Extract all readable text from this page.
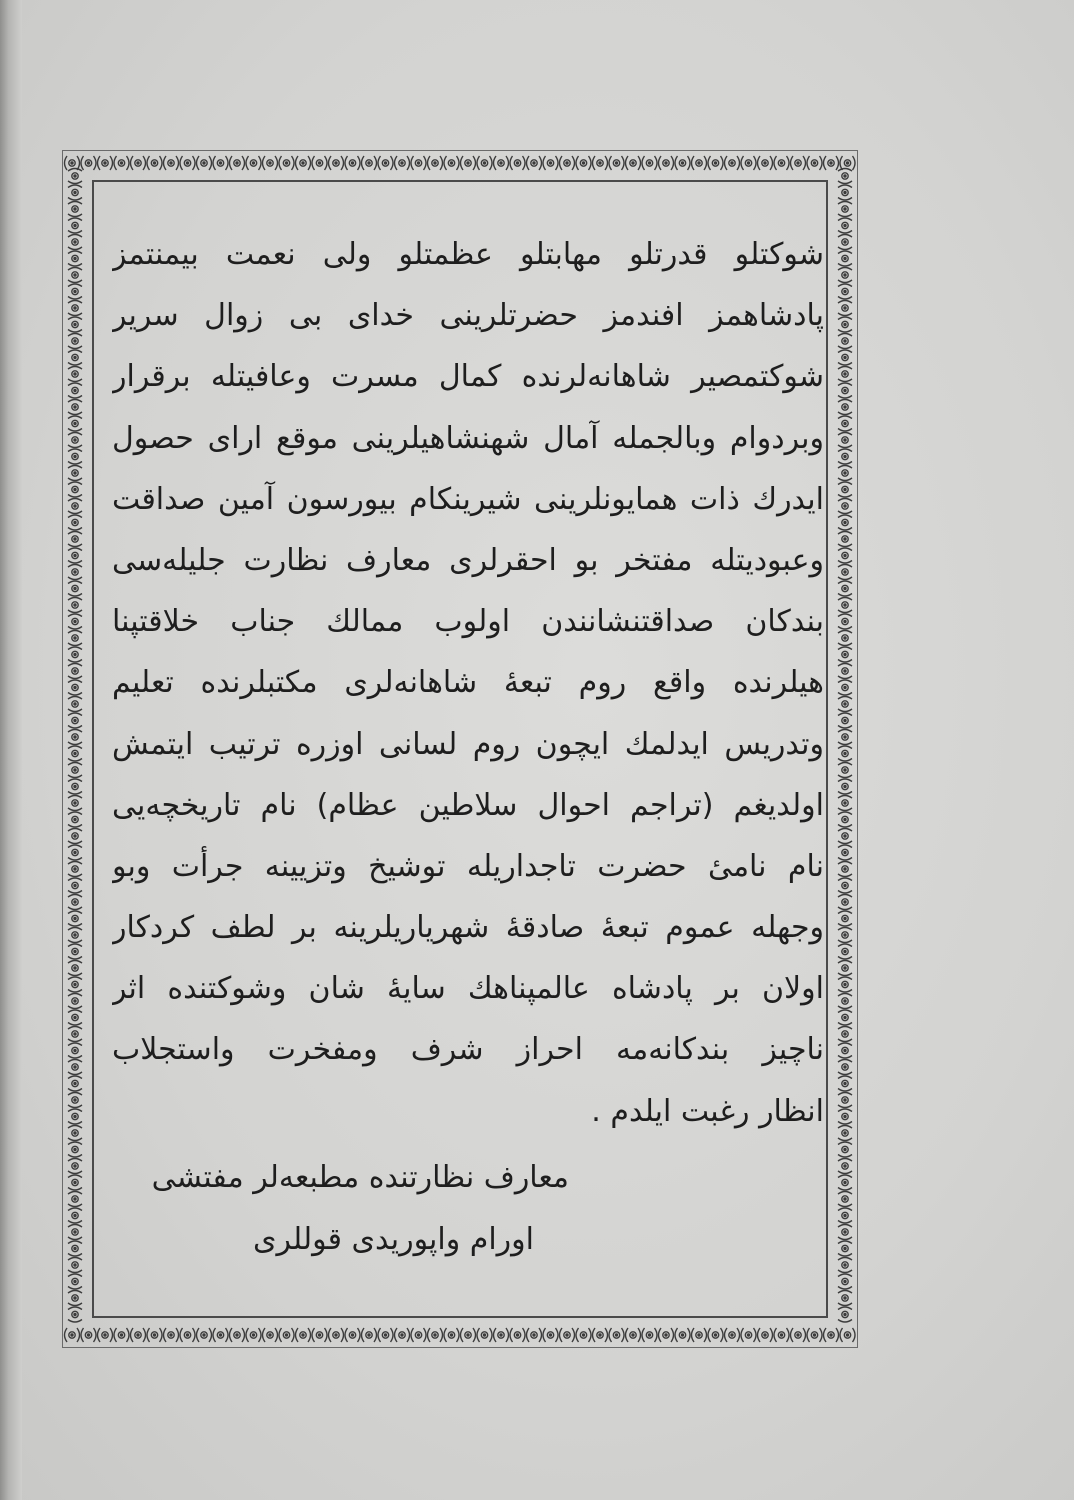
شوكتلو قدرتلو مهابتلو عظمتلو ولی نعمت بیمنتمز
پادشاهمز افندمز حضرتلرینی خدای بی زوال سریر
شوکتمصیر شاهانه‌لرنده کمال مسرت وعافیتله برقرار
وبردوام وبالجمله آمال شهنشاهیلرینی موقع ارای حصول
ایدرك ذات همایونلرینی شیرینکام بیورسون آمین صداقت
وعبودیتله مفتخر بو احقرلری معارف نظارت جلیله‌سی
بندکان صداقتنشانندن اولوب ممالك جناب خلاقتپنا
هیلرنده واقع روم تبعهٔ شاهانه‌لری مکتبلرنده تعلیم
وتدریس ایدلمك ایچون روم لسانی اوزره ترتیب ایتمش
اولدیغم (تراجم احوال سلاطین عظام) نام تاریخچه‌یی
نام نامیٔ حضرت تاجداریله توشیخ وتزیینه جرأت وبو
وجهله عموم تبعهٔ صادقهٔ شهریاریلرینه بر لطف کردکار
اولان بر پادشاه عالمپناهك سایهٔ شان وشوکتنده اثر
ناچیز بندکانه‌مه احراز شرف ومفخرت واستجلاب
انظار رغبت ایلدم .
معارف نظارتنده مطبعه‌لر مفتشی
اورام واپوریدی قوللری
